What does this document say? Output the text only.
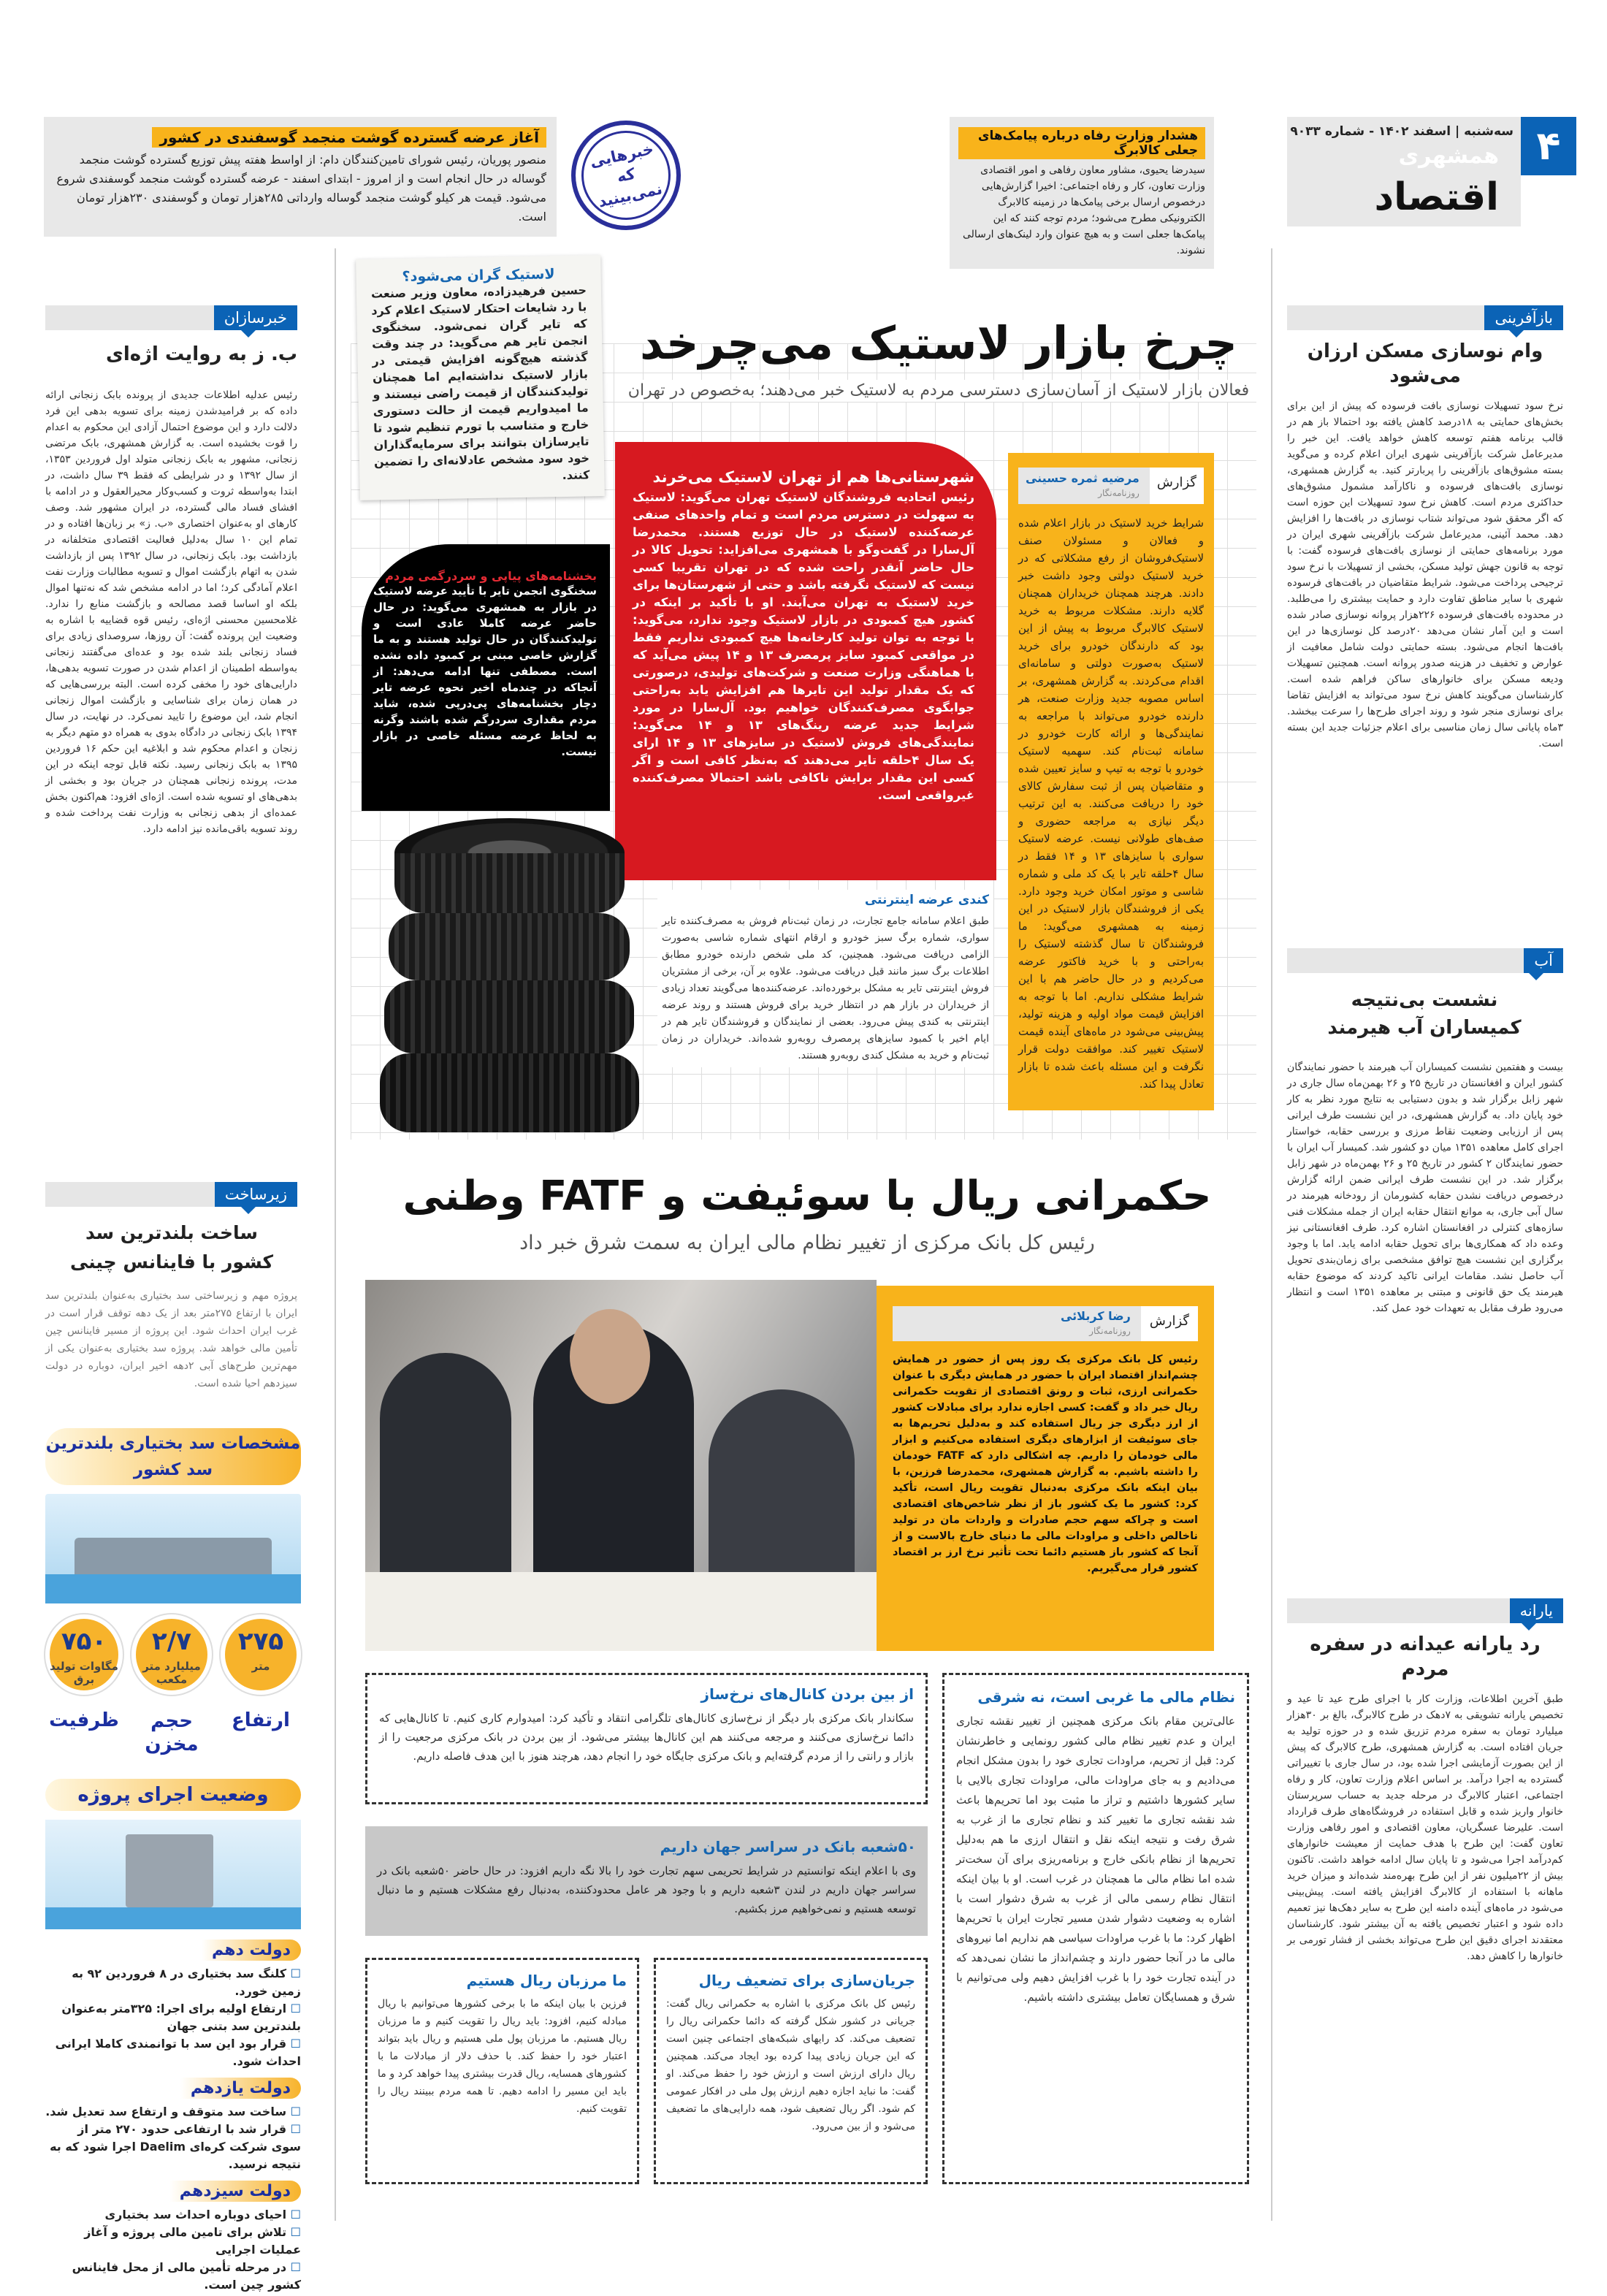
سه‌شنبه | اسفند ۱۴۰۲ - شماره ۹۰۳۳
همشهری
اقتصاد
۴
هشدار وزارت رفاه درباره پیامک‌های جعلی کالابرگ
سیدرضا یحیوی، مشاور معاون رفاهی و امور اقتصادی وزارت تعاون، کار و رفاه اجتماعی: اخیرا گزارش‌هایی درخصوص ارسال برخی پیامک‌ها در زمینه کالابرگ الکترونیکی مطرح می‌شود؛ مردم توجه کنند که این پیامک‌ها جعلی است و به هیچ عنوان وارد لینک‌های ارسالی نشوند.
خبرهایی که نمی‌بینید
آغاز عرضه گسترده گوشت منجمد گوسفندی در کشور
منصور پوریان، رئیس شورای تامین‌کنندگان دام: از اواسط هفته پیش توزیع گسترده گوشت منجمد گوساله در حال انجام است و از امروز - ابتدای اسفند - عرضه گسترده گوشت منجمد گوسفندی شروع می‌شود. قیمت هر کیلو گوشت منجمد گوساله وارداتی ۲۸۵هزار تومان و گوسفندی ۲۳۰هزار تومان است.
بازآفرینی
وام نوسازی مسکن ارزان می‌شود
نرخ سود تسهیلات نوسازی بافت فرسوده که پیش از این برای بخش‌های حمایتی به ۱۸درصد کاهش یافته بود احتمالا باز هم در قالب برنامه هفتم توسعه کاهش خواهد یافت. این خبر را مدیرعامل شرکت بازآفرینی شهری ایران اعلام کرده و می‌گوید بسته مشوق‌های بازآفرینی را پربارتر کنید. به گزارش همشهری، نوسازی بافت‌های فرسوده و ناکارآمد مشمول مشوق‌های حداکثری مردم است. کاهش نرخ سود تسهیلات این حوزه است که اگر محقق شود می‌تواند شتاب نوسازی در بافت‌ها را افزایش دهد. محمد آئینی، مدیرعامل شرکت بازآفرینی شهری ایران در مورد برنامه‌های حمایتی از نوسازی بافت‌های فرسوده گفت: با توجه به قانون جهش تولید مسکن، بخشی از تسهیلات با نرخ سود ترجیحی پرداخت می‌شود. شرایط متقاضیان در بافت‌های فرسوده شهری با سایر مناطق تفاوت دارد و حمایت بیشتری را می‌طلبد. در محدوده بافت‌های فرسوده ۲۲۶هزار پروانه نوسازی صادر شده است و این آمار نشان می‌دهد ۲۰درصد کل نوسازی‌ها در این بافت‌ها انجام می‌شود. بسته حمایتی دولت شامل معافیت از عوارض و تخفیف در هزینه صدور پروانه است. همچنین تسهیلات ودیعه مسکن برای خانوارهای ساکن فراهم شده است. کارشناسان می‌گویند کاهش نرخ سود می‌تواند به افزایش تقاضا برای نوسازی منجر شود و روند اجرای طرح‌ها را سرعت ببخشد. ۳ماه پایانی سال زمان مناسبی برای اعلام جزئیات جدید این بسته است.
آب
نشست بی‌نتیجه کمیساران آب هیرمند
بیست و هفتمین نشست کمیساران آب هیرمند با حضور نمایندگان کشور ایران و افغانستان در تاریخ ۲۵ و ۲۶ بهمن‌ماه سال جاری در شهر زابل برگزار شد و بدون دستیابی به نتایج مورد نظر به کار خود پایان داد. به گزارش همشهری، در این نشست طرف ایرانی پس از ارزیابی وضعیت نقاط مرزی و بررسی حقابه، خواستار اجرای کامل معاهده ۱۳۵۱ میان دو کشور شد. کمیسار آب ایران با حضور نمایندگان ۲ کشور در تاریخ ۲۵ و ۲۶ بهمن‌ماه در شهر زابل برگزار شد. در این نشست طرف ایرانی ضمن ارائه گزارش درخصوص دریافت نشدن حقابه کشورمان از رودخانه هیرمند در سال آبی جاری، به موانع انتقال حقابه ایران از جمله مشکلات فنی سازه‌های کنترلی در افغانستان اشاره کرد. طرف افغانستانی نیز وعده داد که همکاری‌ها برای تحویل حقابه ادامه یابد. اما با وجود برگزاری این نشست هیچ توافق مشخصی برای زمان‌بندی تحویل آب حاصل نشد. مقامات ایرانی تاکید کردند که موضوع حقابه هیرمند یک حق قانونی و مبتنی بر معاهده ۱۳۵۱ است و انتظار می‌رود طرف مقابل به تعهدات خود عمل کند.
یارانه
رد یارانه عیدانه در سفره مردم
طبق آخرین اطلاعات، وزارت کار با اجرای طرح عید تا عید و تخصیص یارانه تشویقی به ۷دهک در طرح کالابرگ، بالغ بر ۳۰هزار میلیارد تومان به سفره مردم تزریق شده و در حوزه تولید به جریان افتاده است. به گزارش همشهری، طرح کالابرگ که پیش از این بصورت آزمایشی اجرا شده بود، در سال جاری با تغییراتی گسترده به اجرا درآمد. بر اساس اعلام وزارت تعاون، کار و رفاه اجتماعی، اعتبار کالابرگ در مرحله جدید به حساب سرپرستان خانوار واریز شده و قابل استفاده در فروشگاه‌های طرف قرارداد است. علیرضا عسگریان، معاون اقتصادی و امور رفاهی وزارت تعاون گفت: این طرح با هدف حمایت از معیشت خانوارهای کم‌درآمد اجرا می‌شود و تا پایان سال ادامه خواهد داشت. تاکنون بیش از ۲۲میلیون نفر از این طرح بهره‌مند شده‌اند و میزان خرید ماهانه با استفاده از کالابرگ افزایش یافته است. پیش‌بینی می‌شود در ماه‌های آینده دامنه این طرح به سایر دهک‌ها نیز تعمیم داده شود و اعتبار تخصیص یافته به آن بیشتر شود. کارشناسان معتقدند اجرای دقیق این طرح می‌تواند بخشی از فشار تورمی بر خانوارها را کاهش دهد.
خبرسازان
ب. ز به روایت اژه‌ای
رئیس عدلیه اطلاعات جدیدی از پرونده بابک زنجانی ارائه داده که بر فرامیدشدن زمینه برای تسویه بدهی این فرد دلالت دارد و این موضوع احتمال آزادی این محکوم به اعدام را قوت بخشیده است. به گزارش همشهری، بابک مرتضی زنجانی، مشهور به بابک زنجانی متولد اول فروردین ۱۳۵۳، از سال ۱۳۹۲ و در شرایطی که فقط ۳۹ سال داشت، در ابتدا به‌واسطه ثروت و کسب‌وکار محیرالعقول و در ادامه با افشای فساد مالی گسترده، در ایران مشهور شد. وصف کارهای او به‌عنوان اختصاری «ب. ز» بر زبان‌ها افتاده و در تمام این ۱۰ سال به‌دلیل فعالیت اقتصادی متخلفانه در بازداشت بود. بابک زنجانی، در سال ۱۳۹۲ پس از بازداشت شدن به اتهام بازگشت اموال و تسویه مطالبات وزارت نفت اعلام آمادگی کرد؛ اما در ادامه مشخص شد که نه‌تنها اموال بلکه او اساسا قصد مصالحه و بازگشت منابع را ندارد. غلامحسین محسنی اژه‌ای، رئیس قوه قضاییه با اشاره به وضعیت این پرونده گفت: آن روزها، سروصدای زیادی برای فساد زنجانی بلند شده بود و عده‌ای می‌گفتند زنجانی به‌واسطه اطمینان از اعدام شدن در صورت تسویه بدهی‌ها، دارایی‌های خود را مخفی کرده است. البته بررسی‌هایی که در همان زمان برای شناسایی و بازگشت اموال زنجانی انجام شد، این موضوع را تایید نمی‌کرد. در نهایت، در سال ۱۳۹۴ بابک زنجانی در دادگاه بدوی به همراه دو متهم دیگر به زنجان و اعدام محکوم شد و ابلاغیه این حکم ۱۶ فروردین ۱۳۹۵ به بابک زنجانی رسید. نکته قابل توجه اینکه در این مدت، پرونده زنجانی همچنان در جریان بود و بخشی از بدهی‌های او تسویه شده است. اژه‌ای افزود: هم‌اکنون بخش عمده‌ای از بدهی زنجانی به وزارت نفت پرداخت شده و روند تسویه باقی‌مانده نیز ادامه دارد.
زیرساخت
ساخت بلندترین سد کشور با فاینانس چینی
پروژه مهم و زیرساختی سد بختیاری به‌عنوان بلندترین سد ایران با ارتفاع ۲۷۵متر بعد از یک دهه توقف قرار است در غرب ایران احداث شود. این پروژه از مسیر فاینانس چین تأمین مالی خواهد شد. پروژه سد بختیاری به‌عنوان یکی از مهم‌ترین طرح‌های آبی ۲دهه اخیر ایران، دوباره در دولت سیزدهم احیا شده است.
مشخصات سد بختیاری بلندترین سد کشور
۲۷۵
متر
۲/۷
میلیارد متر مکعب
۷۵۰
مگاوات تولید برق
ارتفاع
حجم مخزن
ظرفیت
وضعیت اجرای پروژه
دولت دهم
☐ کلنگ سد بختیاری در ۸ فروردین ۹۲ به زمین خورد.
☐ ارتفاع اولیه برای اجرا: ۳۲۵متر به‌عنوان بلندترین سد بتنی جهان
☐ قرار بود این سد با توانمندی کاملا ایرانی احداث شود.
دولت یازدهم
☐ ساخت سد متوقف و ارتفاع سد تعدیل شد.
☐ قرار شد با ارتفاعی حدود ۲۷۰ متر از سوی شرکت کره‌ای Daelim اجرا شود که به نتیجه نرسید.
دولت سیزدهم
☐ احیای دوباره احداث سد بختیاری
☐ تلاش برای تامین مالی پروژه و آغاز عملیات اجرایی
☐ در مرحله تأمین مالی از محل فاینانس کشور چین است.
لاستیک گران می‌شود؟
حسین فرهیدزاده، معاون وزیر صنعت با رد شایعات احتکار لاستیک اعلام کرد که تایر گران نمی‌شود. سخنگوی انجمن تایر هم می‌گوید: در چند وقت گذشته هیچ‌گونه افزایش قیمتی در بازار لاستیک نداشته‌ایم اما همچنان تولیدکنندگان از قیمت راضی نیستند و ما امیدواریم قیمت از حالت دستوری خارج و متناسب با تورم تنظیم شود تا تایرسازان بتوانند برای سرمایه‌گذاران خود سود مشخص عادلانه‌ای را تضمین کنند.
چرخ بازار لاستیک می‌چرخد
فعالان بازار لاستیک از آسان‌سازی دسترسی مردم به لاستیک خبر می‌دهند؛ به‌خصوص در تهران
شهرستانی‌ها هم از تهران لاستیک می‌خرند
رئیس اتحادیه فروشندگان لاستیک تهران می‌گوید: لاستیک به سهولت در دسترس مردم است و تمام واحدهای صنفی عرضه‌کننده لاستیک در حال توزیع هستند. محمدرضا آل‌سارا در گفت‌وگو با همشهری می‌افزاید: تحویل کالا در حال حاضر آنقدر راحت شده که در تهران تقریبا کسی نیست که لاستیک نگرفته باشد و حتی از شهرستان‌ها برای خرید لاستیک به تهران می‌آیند. او با تأکید بر اینکه در کشور هیچ کمبودی در بازار لاستیک وجود ندارد، می‌گوید: با توجه به توان تولید کارخانه‌ها هیچ کمبودی نداریم فقط در مواقعی کمبود سایز پرمصرف ۱۳ و ۱۴ پیش می‌آید که با هماهنگی وزارت صنعت و شرکت‌های تولیدی، درصورتی که یک مقدار تولید این تایرها هم افزایش یابد به‌راحتی جوابگوی مصرف‌کنندگان خواهیم بود. آل‌سارا در مورد شرایط جدید عرضه رینگ‌های ۱۳ و ۱۴ می‌گوید: نمایندگی‌های فروش لاستیک در سایزهای ۱۳ و ۱۴ ارای یک سال ۴حلقه تایر می‌دهند که به‌نظر کافی است و اگر کسی این مقدار برایش ناکافی باشد احتمالا مصرف‌کننده غیرواقعی است.
بخشنامه‌های پیاپی و سردرگمی مردم
سخنگوی انجمن تایر با تأیید عرضه لاستیک در بازار به همشهری می‌گوید: در حال حاضر عرضه کاملا عادی است و تولیدکنندگان در حال تولید هستند و به ما گزارش خاصی مبنی بر کمبود داده نشده است. مصطفی تنها ادامه می‌دهد: از آنجاکه در چندماه اخیر نحوه عرضه تایر دچار بخشنامه‌های پی‌درپی شده، شاید مردم مقداری سردرگم شده باشند وگرنه به لحاظ عرضه مسئله خاصی در بازار نیست.
کندی عرضه اینترنتی
طبق اعلام سامانه جامع تجارت، در زمان ثبت‌نام فروش به مصرف‌کننده تایر سواری، شماره برگ سبز خودرو و ارقام انتهای شماره شاسی به‌صورت الزامی دریافت می‌شود. همچنین، کد ملی شخص دارنده خودرو مطابق اطلاعات برگ سبز مانند قبل دریافت می‌شود. علاوه بر آن، برخی از مشتریان فروش اینترنتی تایر به مشکل برخورده‌اند. عرضه‌کننده‌ها می‌گویند تعداد زیادی از خریداران در بازار هم در انتظار خرید برای فروش هستند و روند عرضه اینترنتی به کندی پیش می‌رود. بعضی از نمایندگان و فروشندگان تایر هم در ایام اخیر با کمبود سایزهای پرمصرف روبه‌رو شده‌اند. خریداران در زمان ثبت‌نام و خرید به مشکل کندی روبه‌رو هستند.
گزارش
مرضیه ثمره حسینی
روزنامه‌نگار
شرایط خرید لاستیک در بازار اعلام شده و فعالان و مسئولان صنف لاستیک‌فروشان از رفع مشکلاتی که در خرید لاستیک دولتی وجود داشت خبر دادند. هرچند همچنان خریداران همچنان گلایه دارند. مشکلات مربوط به خرید لاستیک کالابرگ مربوط به پیش از این بود که دارندگان خودرو برای خرید لاستیک به‌صورت دولتی و سامانه‌ای اقدام می‌کردند. به گزارش همشهری، بر اساس مصوبه جدید وزارت صنعت، هر دارنده خودرو می‌تواند با مراجعه به نمایندگی‌ها و ارائه کارت خودرو در سامانه ثبت‌نام کند. سهمیه لاستیک خودرو با توجه به تیپ و سایز تعیین شده و متقاضیان پس از ثبت سفارش کالای خود را دریافت می‌کنند. به این ترتیب دیگر نیازی به مراجعه حضوری و صف‌های طولانی نیست. عرضه لاستیک سواری با سایزهای ۱۳ و ۱۴ فقط در سال ۴حلقه تایر با یک کد ملی و شماره شاسی و موتور امکان خرید وجود دارد. یکی از فروشندگان بازار لاستیک در این زمینه به همشهری می‌گوید: ما فروشندگان تا سال گذشته لاستیک را به‌راحتی و با خرید فاکتور عرضه می‌کردیم و در حال حاضر هم با این شرایط مشکلی نداریم. اما با توجه به افزایش قیمت مواد اولیه و هزینه تولید، پیش‌بینی می‌شود در ماه‌های آینده قیمت لاستیک تغییر کند. موافقت دولت قرار نگرفت و این مسئله باعث شده تا بازار تعادل پیدا کند.
حکمرانی ریال با سوئیفت و FATF وطنی
رئیس کل بانک مرکزی از تغییر نظام مالی ایران به سمت شرق خبر داد
گزارش
رضا کربلائی
روزنامه‌نگار
رئیس کل بانک مرکزی یک روز پس از حضور در همایش چشم‌انداز اقتصاد ایران با حضور در همایش دیگری با عنوان حکمرانی ارزی، ثبات و رونق اقتصادی از تقویت حکمرانی ریال خبر داد و گفت: کسی اجازه ندارد برای مبادلات کشور از ارز دیگری جز ریال استفاده کند و به‌دلیل تحریم‌ها به جای سوئیفت از ابزارهای دیگری استفاده می‌کنیم و ابزار مالی خودمان را داریم. چه اشکالی دارد که FATF خودمان را داشته باشیم. به گزارش همشهری، محمدرضا فرزین، با بیان اینکه بانک مرکزی به‌دنبال تقویت ریال است، تأکید کرد: کشور ما یک کشور باز از نظر شاخص‌های اقتصادی است و چراکه سهم حجم صادرات و واردات مان در تولید ناخالص داخلی و مراودات مالی ما دنیای خارج بالاست و از آنجا که کشور باز هستیم دائما تحت تأثیر نرخ ارز بر اقتصاد کشور قرار می‌گیریم.
نظام مالی ما غربی است، نه شرقی
عالی‌ترین مقام بانک مرکزی همچنین از تغییر نقشه تجاری ایران و عدم تغییر نظام مالی کشور رونمایی و خاطرنشان کرد: قبل از تحریم، مراودات تجاری خود را بدون مشکل انجام می‌دادیم و به جای مراودات مالی، مراودات تجاری بالایی با سایر کشورها داشتیم و تراز ما مثبت بود اما تحریم‌ها باعث شد نقشه تجاری ما تغییر کند و نظام تجاری ما از غرب به شرق رفت و نتیجه اینکه نقل و انتقال ارزی ما هم به‌دلیل تحریم‌ها از نظام بانکی خارج و برنامه‌ریزی برای آن سخت‌تر شده اما نظام مالی ما همچنان در غرب است. او با بیان اینکه انتقال نظام رسمی مالی از غرب به شرق دشوار است با اشاره به وضعیت دشوار شدن مسیر تجارت ایران با تحریم‌ها اظهار کرد: ما با غرب مراودات سیاسی هم نداریم اما نیروهای مالی ما در آنجا حضور دارند و چشم‌انداز ما نشان نمی‌دهد که در آینده تجارت خود را با غرب افزایش دهیم ولی می‌توانیم با شرق و همسایگان تعامل بیشتری داشته باشیم.
از بین بردن کانال‌های نرخ‌ساز
سکاندار بانک مرکزی بار دیگر از نرخ‌سازی کانال‌های تلگرامی انتقاد و تأکید کرد: امیدوارم کاری کنیم. تا کانال‌هایی که دائما نرخ‌سازی می‌کنند و مرجعه می‌کنند هم این کانال‌ها بیشتر می‌شود. از بین بردن در بانک مرکزی مرجعیت را از بازار و رانتی را از مردم گرفته‌ایم و بانک مرکزی جایگاه خود را انجام دهد، هرچند هنوز با این هدف فاصله داریم.
۵۰شعبه بانک در سراسر جهان داریم
وی با اعلام اینکه توانستیم در شرایط تحریمی سهم تجارت خود را بالا نگه داریم افزود: در حال حاضر ۵۰شعبه بانک در سراسر جهان داریم در لندن ۳شعبه داریم و با وجود هر عامل محدودکننده، به‌دنبال رفع مشکلات هستیم و ما دنبال توسعه هستیم و نمی‌خواهیم مرز بکشیم.
جریان‌سازی برای تضعیف ریال
رئیس کل بانک مرکزی با اشاره به حکمرانی ریال گفت: جریانی در کشور شکل گرفته که دائما حکمرانی ریال را تضعیف می‌کند. کد رایهای شبکه‌های اجتماعی چنین است که این جریان زیادی پیدا کرده بود ایجاد می‌کند. همچنین ریال دارای ارزش است و ارزش خود را حفظ می‌کند. او گفت: ما نباید اجازه دهیم ارزش پول ملی در افکار عمومی کم شود. اگر ریال تضعیف شود، همه دارایی‌های ما تضعیف می‌شود و از بین می‌رود.
ما مرزبان ریال هستیم
فرزین با بیان اینکه ما با برخی کشورها می‌توانیم با ریال مبادله کنیم، افزود: باید ریال را تقویت کنیم و ما مرزبان ریال هستیم. ما مرزبان پول ملی هستیم و ریال باید بتواند اعتبار خود را حفظ کند. با حذف دلار از مبادلات ما با کشورهای همسایه، ریال قدرت بیشتری پیدا خواهد کرد و ما باید این مسیر را ادامه دهیم. تا همه مردم ببینند ریال را تقویت کنیم.
